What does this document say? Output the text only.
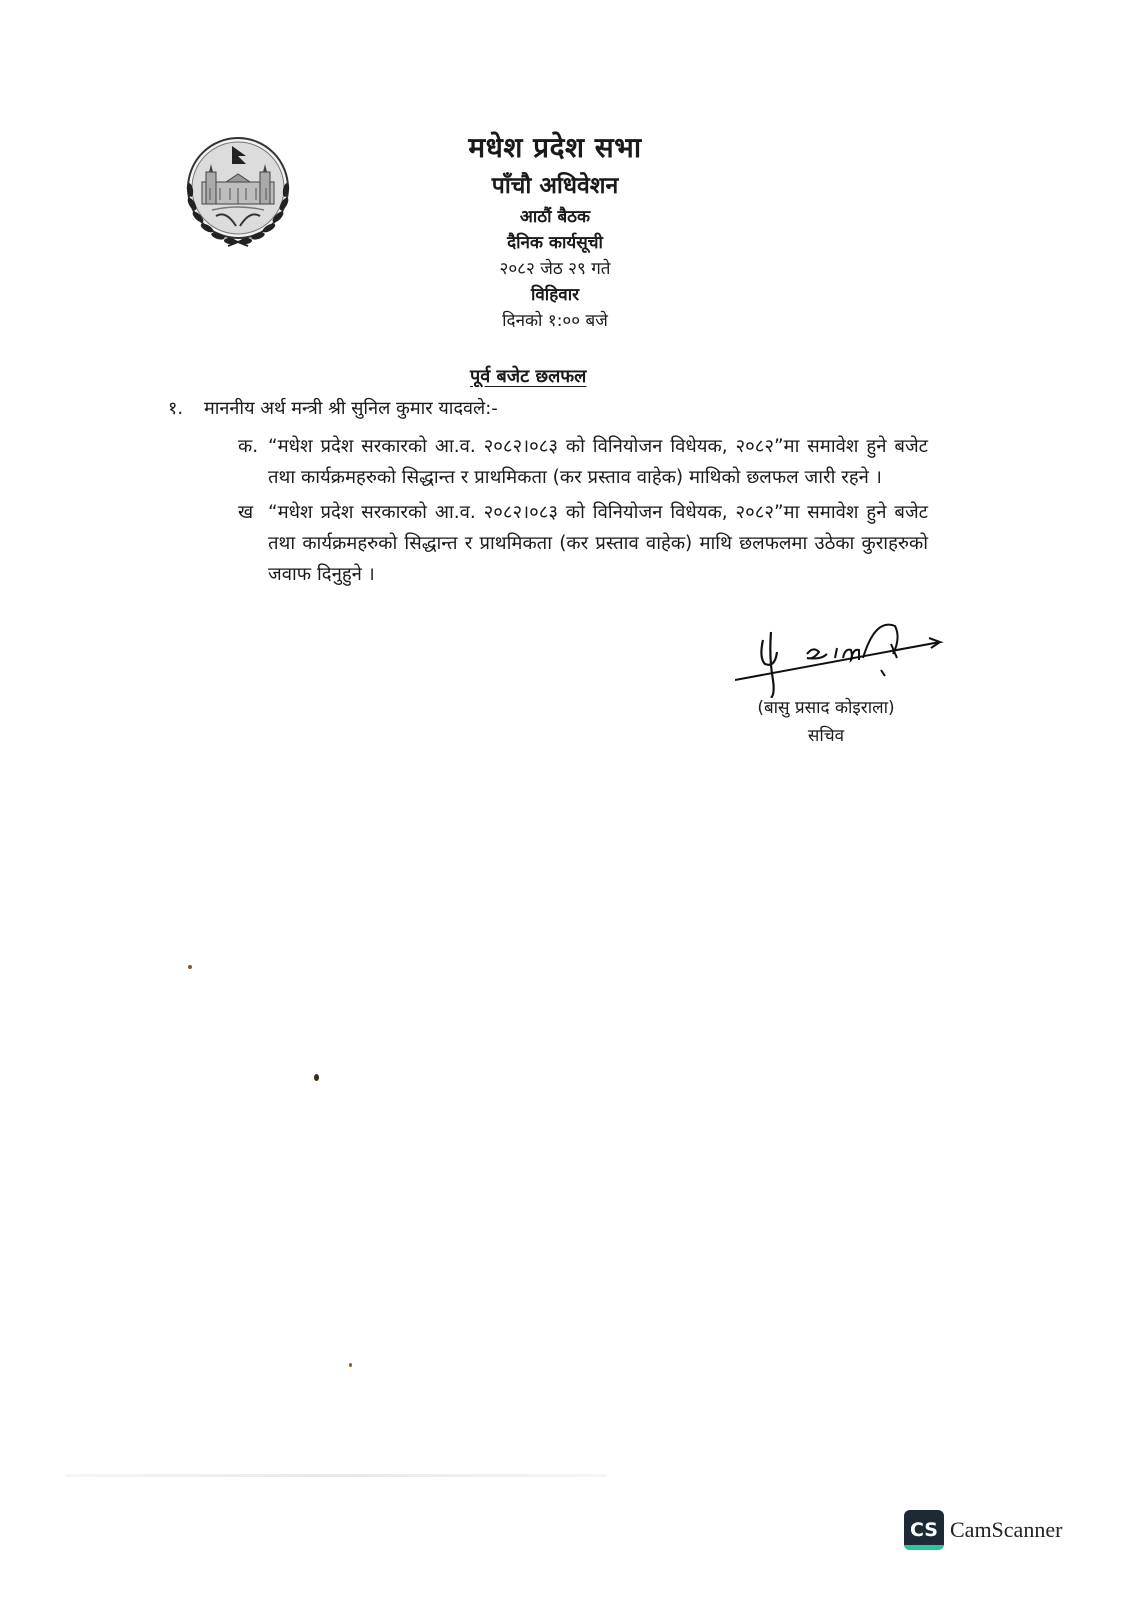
मधेश प्रदेश सभा
पाँचौ अधिवेशन
आठौं बैठक
दैनिक कार्यसूची
२०८२ जेठ २९ गते
विहिवार
दिनको १:०० बजे
पूर्व बजेट छलफल
१.	माननीय अर्थ मन्त्री श्री सुनिल कुमार यादवले:-
क. “मधेश प्रदेश सरकारको आ.व. २०८२।०८३ को विनियोजन विधेयक, २०८२”मा समावेश हुने बजेट तथा कार्यक्रमहरुको सिद्धान्त र प्राथमिकता (कर प्रस्ताव वाहेक) माथिको छलफल जारी रहने ।
ख “मधेश प्रदेश सरकारको आ.व. २०८२।०८३ को विनियोजन विधेयक, २०८२”मा समावेश हुने बजेट तथा कार्यक्रमहरुको सिद्धान्त र प्राथमिकता (कर प्रस्ताव वाहेक) माथि छलफलमा उठेका कुराहरुको जवाफ दिनुहुने ।
(बासु प्रसाद कोइराला)
सचिव
CS CamScanner
